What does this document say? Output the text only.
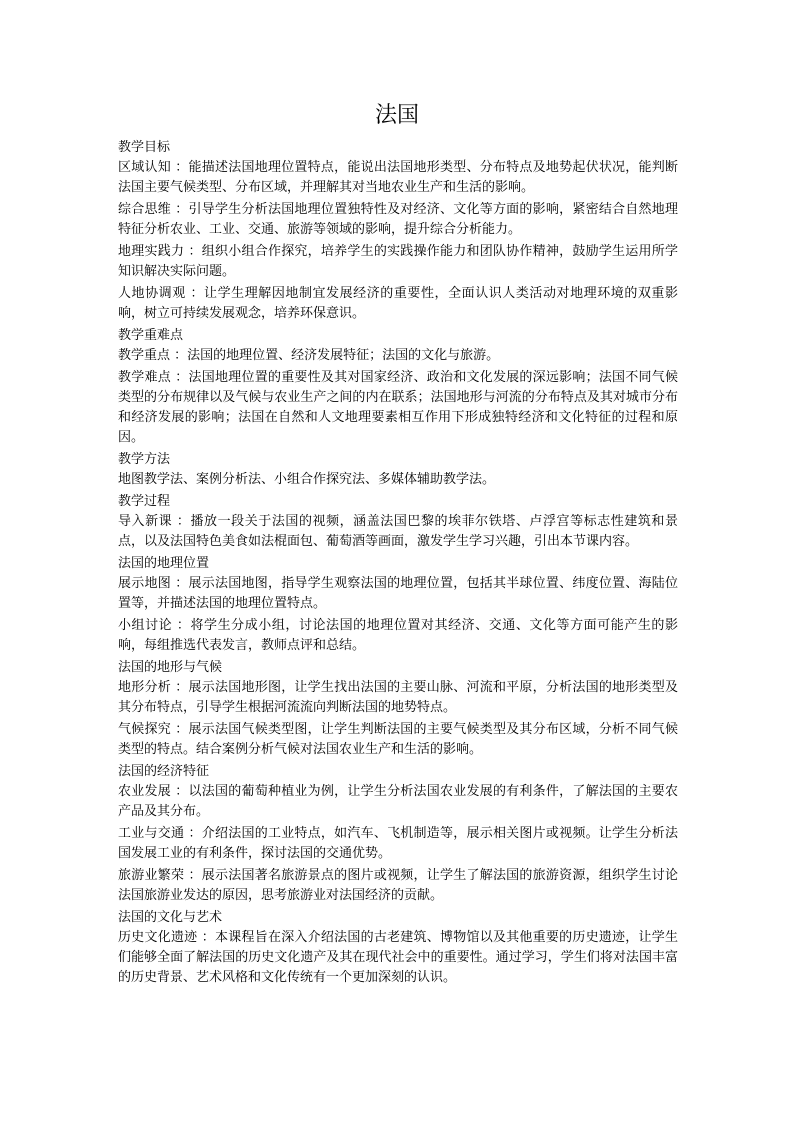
法国
教学目标

区域认知 ：能描述法国地理位置特点，能说出法国地形类型、分布特点及地势起伏状况，能判断法国主要气候类型、分布区域，并理解其对当地农业生产和生活的影响。

综合思维 ：引导学生分析法国地理位置独特性及对经济、文化等方面的影响，紧密结合自然地理特征分析农业、工业、交通、旅游等领域的影响，提升综合分析能力。

地理实践力 ：组织小组合作探究，培养学生的实践操作能力和团队协作精神，鼓励学生运用所学知识解决实际问题。

人地协调观 ：让学生理解因地制宜发展经济的重要性，全面认识人类活动对地理环境的双重影响，树立可持续发展观念，培养环保意识。

教学重难点

教学重点 ：法国的地理位置、经济发展特征；法国的文化与旅游。

教学难点 ：法国地理位置的重要性及其对国家经济、政治和文化发展的深远影响；法国不同气候类型的分布规律以及气候与农业生产之间的内在联系；法国地形与河流的分布特点及其对城市分布和经济发展的影响；法国在自然和人文地理要素相互作用下形成独特经济和文化特征的过程和原因。

教学方法

地图教学法、案例分析法、小组合作探究法、多媒体辅助教学法。

教学过程

导入新课 ：播放一段关于法国的视频，涵盖法国巴黎的埃菲尔铁塔、卢浮宫等标志性建筑和景点，以及法国特色美食如法棍面包、葡萄酒等画面，激发学生学习兴趣，引出本节课内容。

法国的地理位置

展示地图 ：展示法国地图，指导学生观察法国的地理位置，包括其半球位置、纬度位置、海陆位置等，并描述法国的地理位置特点。

小组讨论 ：将学生分成小组，讨论法国的地理位置对其经济、交通、文化等方面可能产生的影响，每组推选代表发言，教师点评和总结。

法国的地形与气候

地形分析 ：展示法国地形图，让学生找出法国的主要山脉、河流和平原，分析法国的地形类型及其分布特点，引导学生根据河流流向判断法国的地势特点。

气候探究 ：展示法国气候类型图，让学生判断法国的主要气候类型及其分布区域，分析不同气候类型的特点。结合案例分析气候对法国农业生产和生活的影响。

法国的经济特征

农业发展 ：以法国的葡萄种植业为例，让学生分析法国农业发展的有利条件，了解法国的主要农产品及其分布。

工业与交通 ：介绍法国的工业特点，如汽车、飞机制造等，展示相关图片或视频。让学生分析法国发展工业的有利条件，探讨法国的交通优势。

旅游业繁荣 ：展示法国著名旅游景点的图片或视频，让学生了解法国的旅游资源，组织学生讨论法国旅游业发达的原因，思考旅游业对法国经济的贡献。

法国的文化与艺术

历史文化遗迹 ：本课程旨在深入介绍法国的古老建筑、博物馆以及其他重要的历史遗迹，让学生们能够全面了解法国的历史文化遗产及其在现代社会中的重要性。通过学习，学生们将对法国丰富的历史背景、艺术风格和文化传统有一个更加深刻的认识。
